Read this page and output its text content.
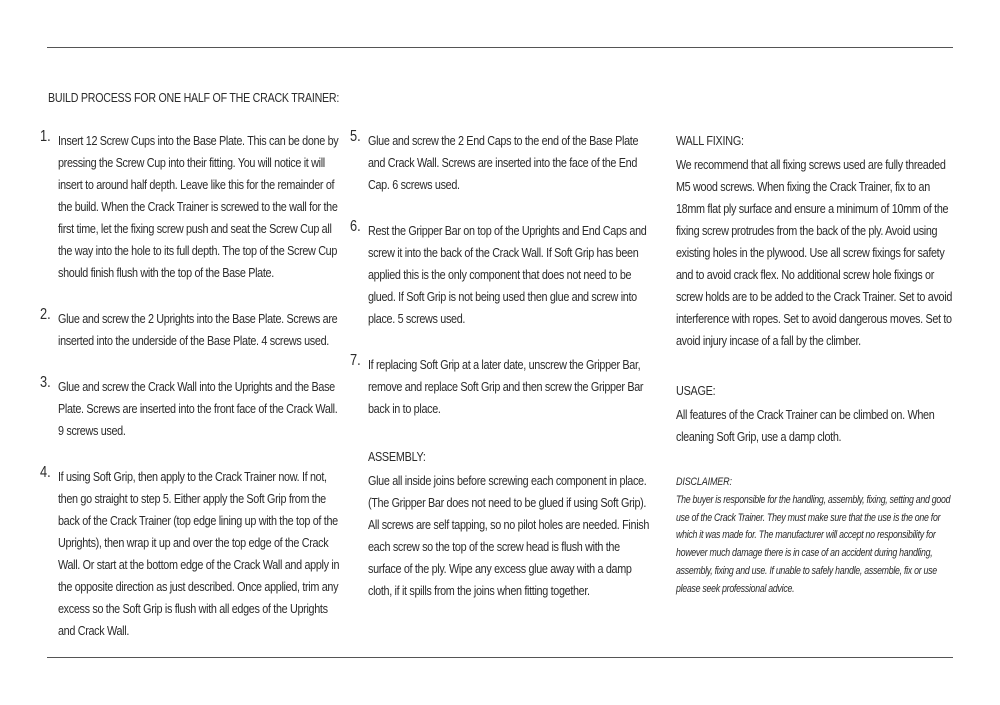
BUILD PROCESS FOR ONE HALF OF THE CRACK TRAINER:
1. Insert 12 Screw Cups into the Base Plate. This can be done by pressing the Screw Cup into their fitting. You will notice it will insert to around half depth. Leave like this for the remainder of the build. When the Crack Trainer is screwed to the wall for the first time, let the fixing screw push and seat the Screw Cup all the way into the hole to its full depth. The top of the Screw Cup should finish flush with the top of the Base Plate.
2. Glue and screw the 2 Uprights into the Base Plate. Screws are inserted into the underside of the Base Plate. 4 screws used.
3. Glue and screw the Crack Wall into the Uprights and the Base Plate. Screws are inserted into the front face of the Crack Wall. 9 screws used.
4. If using Soft Grip, then apply to the Crack Trainer now. If not, then go straight to step 5. Either apply the Soft Grip from the back of the Crack Trainer (top edge lining up with the top of the Uprights), then wrap it up and over the top edge of the Crack Wall. Or start at the bottom edge of the Crack Wall and apply in the opposite direction as just described. Once applied, trim any excess so the Soft Grip is flush with all edges of the Uprights and Crack Wall.
5. Glue and screw the 2 End Caps to the end of the Base Plate and Crack Wall. Screws are inserted into the face of the End Cap. 6 screws used.
6. Rest the Gripper Bar on top of the Uprights and End Caps and screw it into the back of the Crack Wall. If Soft Grip has been applied this is the only component that does not need to be glued. If Soft Grip is not being used then glue and screw into place. 5 screws used.
7. If replacing Soft Grip at a later date, unscrew the Gripper Bar, remove and replace Soft Grip and then screw the Gripper Bar back in to place.
ASSEMBLY:
Glue all inside joins before screwing each component in place. (The Gripper Bar does not need to be glued if using Soft Grip). All screws are self tapping, so no pilot holes are needed. Finish each screw so the top of the screw head is flush with the surface of the ply. Wipe any excess glue away with a damp cloth, if it spills from the joins when fitting together.
WALL FIXING:
We recommend that all fixing screws used are fully threaded M5 wood screws. When fixing the Crack Trainer, fix to an 18mm flat ply surface and ensure a minimum of 10mm of the fixing screw protrudes from the back of the ply. Avoid using existing holes in the plywood. Use all screw fixings for safety and to avoid crack flex. No additional screw hole fixings or screw holds are to be added to the Crack Trainer. Set to avoid interference with ropes. Set to avoid dangerous moves. Set to avoid injury incase of a fall by the climber.
USAGE:
All features of the Crack Trainer can be climbed on. When cleaning Soft Grip, use a damp cloth.
DISCLAIMER:
The buyer is responsible for the handling, assembly, fixing, setting and good use of the Crack Trainer. They must make sure that the use is the one for which it was made for. The manufacturer will accept no responsibility for however much damage there is in case of an accident during handling, assembly, fixing and use. If unable to safely handle, assemble, fix or use please seek professional advice.
